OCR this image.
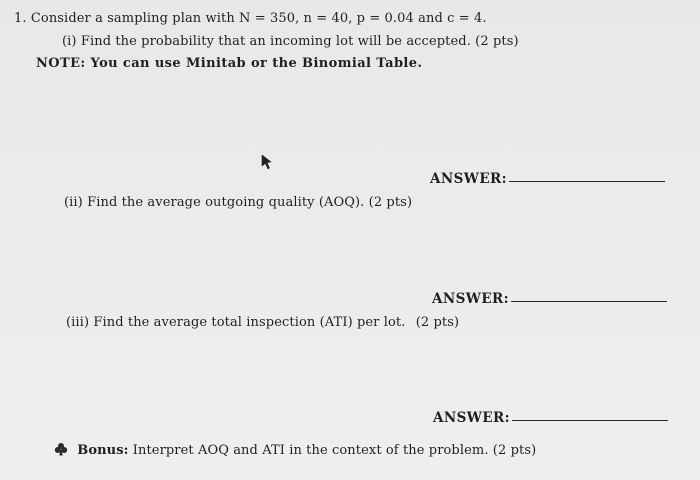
1. Consider a sampling plan with N = 350, n = 40, p = 0.04 and c = 4.
(i) Find the probability that an incoming lot will be accepted. (2 pts)
NOTE: You can use Minitab or the Binomial Table.
ANSWER:
(ii) Find the average outgoing quality (AOQ). (2 pts)
ANSWER:
(iii) Find the average total inspection (ATI) per lot. (2 pts)
ANSWER:
Bonus: Interpret AOQ and ATI in the context of the problem. (2 pts)
